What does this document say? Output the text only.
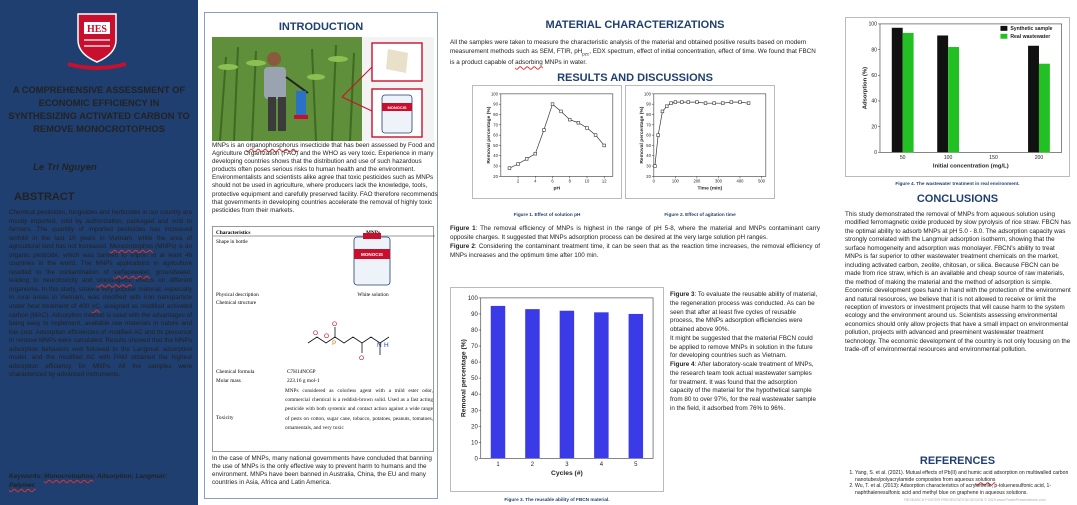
HES
A COMPREHENSIVE ASSESSMENT OF ECONOMIC EFFICIENCY IN SYNTHESIZING ACTIVATED CARBON TO REMOVE MONOCROTOPHOS
Le Tri Nguyen
ABSTRACT
Chemical pesticides, fungicides and herbicides in our country are mostly imported, sold by authorization, packaged and sold to farmers. The quantity of imported pesticides has increased tenfold in the last 10 years in Vietnam, while the area of agricultural land has not increased. Monocrotophos (MNPs) is an organic pesticide, which was banned to import in at least 46 countries in the world. The MNPs applications in agriculture resulted to the contamination of surfacewater, groundwater, leading to neurotoxicity and stressogenic effects on different organisms. In this study, straw-a very popular material, especially in rural areas in Vietnam, was modified with iron nanoparticle under heat treatment of 400 oC, assigned as modified activated carbon (MAC). Adsorption method is used with the advantages of being easy to implement, available raw materials in nature and low cost. Adsorption efficiencies of modified AC and its precursor to remove MNPs were calculated. Results showed that the MNPs adsorption behaviors well followed to the Langmuir adsorption model, and the modified AC with PAM obtained the highest adsorption efficiency for MNPs. All the samples were characterized by advanced instruments.
Keywords: Monocrotophos; Adsorption; Langmuir; Palymer.
INTRODUCTION
MONOCIS
MNPs is an organophosphorus insecticide that has been assessed by Food and Agriculture Organization (FAO) and the WHO as very toxic. Experience in many developing countries shows that the distribution and use of such hazardous products often poses serious risks to human health and the environment. Environmentalists and scientists alike agree that toxic pesticides such as MNPs should not be used in agriculture, where producers lack the knowledge, tools, protective equipment and carefully preserved facility. FAO therefore recommends that governments in developing countries accelerate the removal of highly toxic pesticides from their markets.
Characteristics
Shape in bottle
MONOCIS
Physical description	White solution
Chemical structure
O
O
P
O
O
N H
Chemical formula	C7H14NO5P
Molar mass	223.16 g mol-1
Toxicity
MNPs considered as colorless agent with a mild ester odor, commercial chemical is a reddish-brown solid. Used as a fast acting pesticide with both systemic and contact action against a wide range of pests on cotton, sugar cane, tobacco, potatoes, peanuts, tomatoes, ornamentals, and very toxic
In the case of MNPs, many national governments have concluded that banning the use of MNPs is the only effective way to prevent harm to humans and the environment. MNPs have been banned in Australia, China, the EU and many countries in Asia, Africa and Latin America.
MATERIAL CHARACTERIZATIONS
All the samples were taken to measure the characteristic analysis of the material and obtained positive results based on modern measurement methods such as SEM, FTIR, $pH_{pzc}$, EDX spectrum, effect of initial concentration, effect of time. We found that FBCN is a product capable of adsorbing MNPs in water.
RESULTS AND DISCUSSIONS
20
30
40
50
60
70
80
90
100
2	4	6	8	10	12
pH
Removal percentage (%)
20
30
40
50
60
70
80
90
100
0	100	200	300	400	500
Time (min)
Removal percentage (%)
Figure 1. Effect of solution pH	Figure 2. Effect of agitation time
Figure 1: The removal efficiency of MNPs is highest in the range of pH 5-8, where the material and MNPs contaminant carry opposite charges. It suggested that MNPs adsorption process can be desired at the very large solution pH ranges.
Figure 2: Considering the contaminant treatment time, it can be seen that as the reaction time increases, the removal efficiency of MNPs increases and the optimum time after 100 min.
0
10
20
30
40
50
60
70
80
90
100
Cycles (#)
Removal percentage (%)
1	2	3	4	5
Figure 3. The reusable ability of FBCN material.
Figure 3: To evaluate the reusable ability of material, the regeneration process was conducted. As can be seen that after at least five cycles of reusable process, the MNPs adsorption efficiencies were obtained above 90%.
It might be suggested that the material FBCN could be applied to remove MNPs in solution in the future for developing countries such as Vietnam.
Figure 4: After laboratory-scale treatment of MNPs, the research team took actual wastewater samples for treatment. It was found that the adsorption capacity of the material for the hypothetical sample from 80 to over 97%, for the real wastewater sample in the field, it adsorbed from 76% to 96%.
0
20
40
60
80
100
Initial concentration (mg/L)
Adsorption (%)
50	100	150	200
Synthetic sample
Real wastewater
Figure 4. The wastewater treatment in real environment.
CONCLUSIONS
This study demonstrated the removal of MNPs from aqueous solution using modified ferromagnetic oxide produced by slow pyrolysis of rice straw. FBCN has the optimal ability to adsorb MNPs at pH 5.0 - 8.0. The adsorption capacity was strongly correlated with the Langmuir adsorption isotherm, showing that the surface homogeneity and adsorption was monolayer. FBCN's ability to treat MNPs is far superior to other wastewater treatment chemicals on the market, including activated carbon, zeolite, chitosan, or silica. Because FBCN can be made from rice straw, which is an available and cheap source of raw materials, the method of making the material and the method of adsorption is simple.
Economic development goes hand in hand with the protection of the environment and natural resources, we believe that it is not allowed to receive or limit the reception of investors or investment projects that will cause harm to the system ecology and the environment around us. Scientists assessing environmental economics should only allow projects that have a small impact on environmental pollution, projects with advanced and preeminent wastewater treatment technology. The economic development of the country is not only focusing on the trade-off of environmental resources and environmental pollution.
REFERENCES
1. Yang, S. et al. (2021). Mutual effects of Pb(II) and humic acid adsorption on multiwalled carbon nanotubes/polyacrylamide composites from aqueous solutions
2. Wu, T. et al. (2013): Adsorption characteristics of acrylonitrile, p-toluenesulfonic acid, 1-naphthalenesulfonic acid and methyl blue on graphene in aqueous solutions.
RESEARCH POSTER PRESENTATION DESIGN © 2019 www.PosterPresentations.com
